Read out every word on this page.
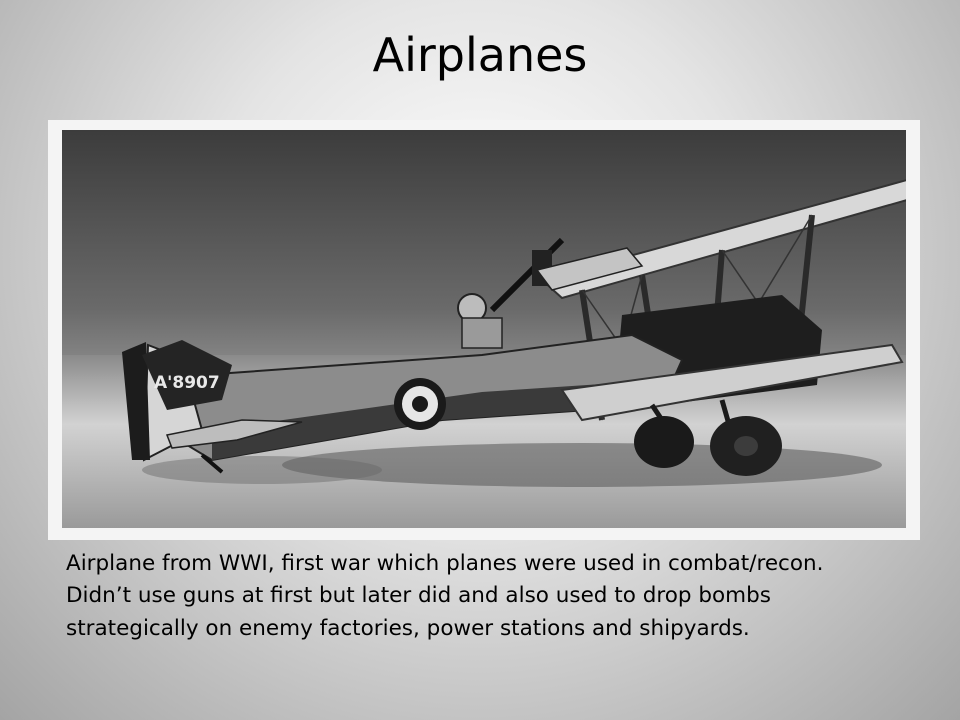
Airplanes
A'8907
Airplane from WWI, first war which planes were used in combat/recon. Didn’t use guns at first but later did and also used to drop bombs strategically on enemy factories, power stations and shipyards.
